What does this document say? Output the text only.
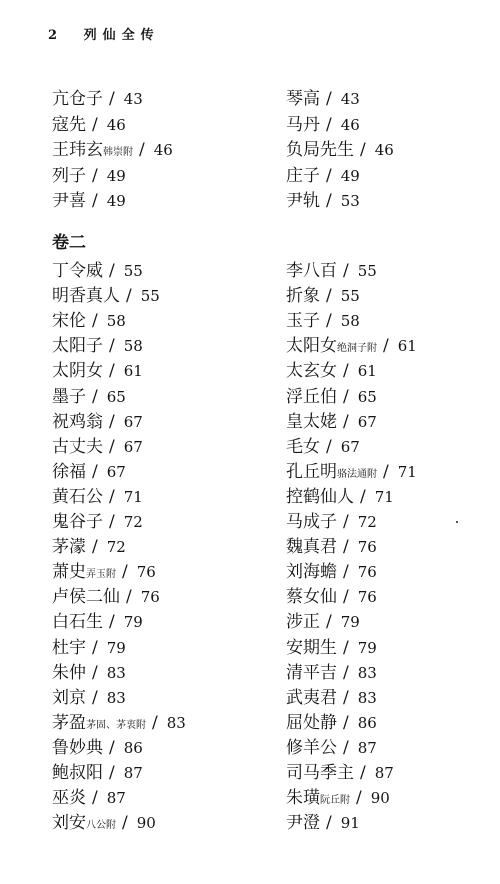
2 列仙全传
亢仓子 / 43
寇先 / 46
王玮玄韩崇附 / 46
列子 / 49
尹喜 / 49
琴高 / 43
马丹 / 46
负局先生 / 46
庄子 / 49
尹轨 / 53
卷二
丁令威 / 55
明香真人 / 55
宋伦 / 58
太阳子 / 58
太阴女 / 61
墨子 / 65
祝鸡翁 / 67
古丈夫 / 67
徐福 / 67
黄石公 / 71
鬼谷子 / 72
茅濛 / 72
萧史弄玉附 / 76
卢侯二仙 / 76
白石生 / 79
杜宇 / 79
朱仲 / 83
刘京 / 83
茅盈茅固、茅衷附 / 83
鲁妙典 / 86
鲍叔阳 / 87
巫炎 / 87
刘安八公附 / 90
李八百 / 55
折象 / 55
玉子 / 58
太阳女绝洞子附 / 61
太玄女 / 61
浮丘伯 / 65
皇太姥 / 67
毛女 / 67
孔丘明骆法通附 / 71
控鹤仙人 / 71
马成子 / 72
魏真君 / 76
刘海蟾 / 76
蔡女仙 / 76
涉正 / 79
安期生 / 79
清平吉 / 83
武夷君 / 83
屈处静 / 86
修羊公 / 87
司马季主 / 87
朱璜阮丘附 / 90
尹澄 / 91
